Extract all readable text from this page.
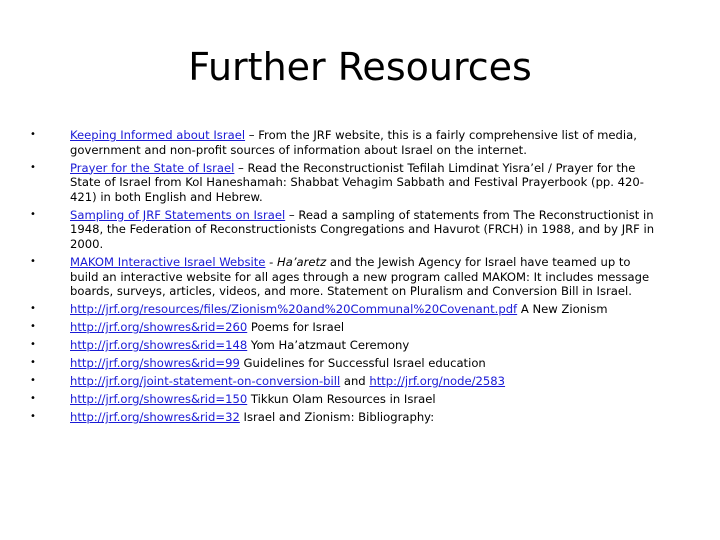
Further Resources
• Keeping Informed about Israel – From the JRF website, this is a fairly comprehensive list of media, government and non-profit sources of information about Israel on the internet.
• Prayer for the State of Israel – Read the Reconstructionist Tefilah Limdinat Yisra’el / Prayer for the State of Israel from Kol Haneshamah: Shabbat Vehagim Sabbath and Festival Prayerbook (pp. 420-421) in both English and Hebrew.
• Sampling of JRF Statements on Israel – Read a sampling of statements from The Reconstructionist in 1948, the Federation of Reconstructionists Congregations and Havurot (FRCH) in 1988, and by JRF in 2000.
• MAKOM Interactive Israel Website - Ha’aretz and the Jewish Agency for Israel have teamed up to build an interactive website for all ages through a new program called MAKOM: It includes message boards, surveys, articles, videos, and more. Statement on Pluralism and Conversion Bill in Israel.
• http://jrf.org/resources/files/Zionism%20and%20Communal%20Covenant.pdf A New Zionism
• http://jrf.org/showres&rid=260 Poems for Israel
• http://jrf.org/showres&rid=148 Yom Ha’atzmaut Ceremony
• http://jrf.org/showres&rid=99 Guidelines for Successful Israel education
• http://jrf.org/joint-statement-on-conversion-bill and http://jrf.org/node/2583
• http://jrf.org/showres&rid=150 Tikkun Olam Resources in Israel
• http://jrf.org/showres&rid=32 Israel and Zionism: Bibliography:
